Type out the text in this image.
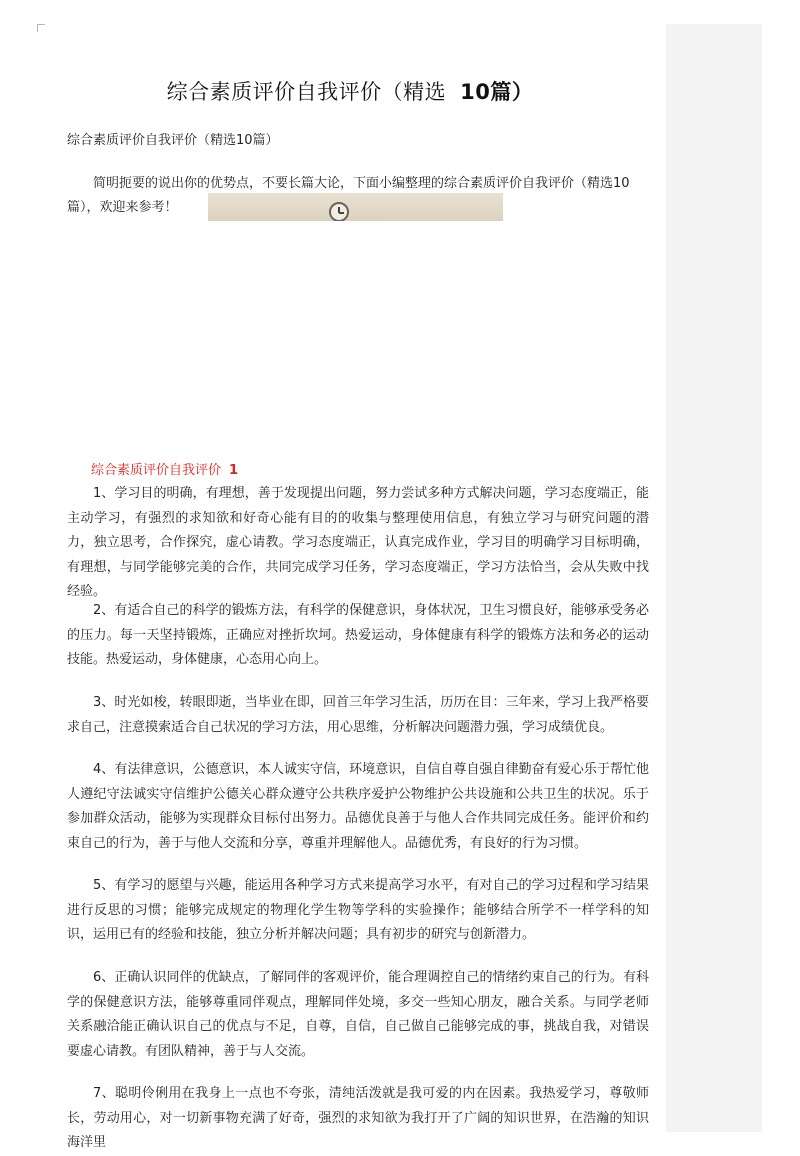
综合素质评价自我评价（精选 10篇）
综合素质评价自我评价（精选10篇）
简明扼要的说出你的优势点，不要长篇大论，下面小编整理的综合素质评价自我评价（精选10篇），欢迎来参考！
综合素质评价自我评价 1
1、学习目的明确，有理想，善于发现提出问题，努力尝试多种方式解决问题，学习态度端正，能主动学习，有强烈的求知欲和好奇心能有目的的收集与整理使用信息，有独立学习与研究问题的潜力，独立思考，合作探究，虚心请教。学习态度端正，认真完成作业，学习目的明确学习目标明确，有理想，与同学能够完美的合作，共同完成学习任务，学习态度端正，学习方法恰当，会从失败中找经验。
2、有适合自己的科学的锻炼方法，有科学的保健意识，身体状况，卫生习惯良好，能够承受务必的压力。每一天坚持锻炼，正确应对挫折坎坷。热爱运动，身体健康有科学的锻炼方法和务必的运动技能。热爱运动，身体健康，心态用心向上。
3、时光如梭，转眼即逝，当毕业在即，回首三年学习生活，历历在目：三年来，学习上我严格要求自己，注意摸索适合自己状况的学习方法，用心思维，分析解决问题潜力强，学习成绩优良。
4、有法律意识，公德意识，本人诚实守信，环境意识，自信自尊自强自律勤奋有爱心乐于帮忙他人遵纪守法诚实守信维护公德关心群众遵守公共秩序爱护公物维护公共设施和公共卫生的状况。乐于参加群众活动，能够为实现群众目标付出努力。品德优良善于与他人合作共同完成任务。能评价和约束自己的行为，善于与他人交流和分享，尊重并理解他人。品德优秀，有良好的行为习惯。
5、有学习的愿望与兴趣，能运用各种学习方式来提高学习水平，有对自己的学习过程和学习结果进行反思的习惯；能够完成规定的物理化学生物等学科的实验操作；能够结合所学不一样学科的知识，运用已有的经验和技能，独立分析并解决问题；具有初步的研究与创新潜力。
6、正确认识同伴的优缺点，了解同伴的客观评价，能合理调控自己的情绪约束自己的行为。有科学的保健意识方法，能够尊重同伴观点，理解同伴处境，多交一些知心朋友，融合关系。与同学老师关系融洽能正确认识自己的优点与不足，自尊，自信，自己做自己能够完成的事，挑战自我，对错误要虚心请教。有团队精神，善于与人交流。
7、聪明伶俐用在我身上一点也不夸张，清纯活泼就是我可爱的内在因素。我热爱学习，尊敬师长，劳动用心，对一切新事物充满了好奇，强烈的求知欲为我打开了广阔的知识世界，在浩瀚的知识海洋里
